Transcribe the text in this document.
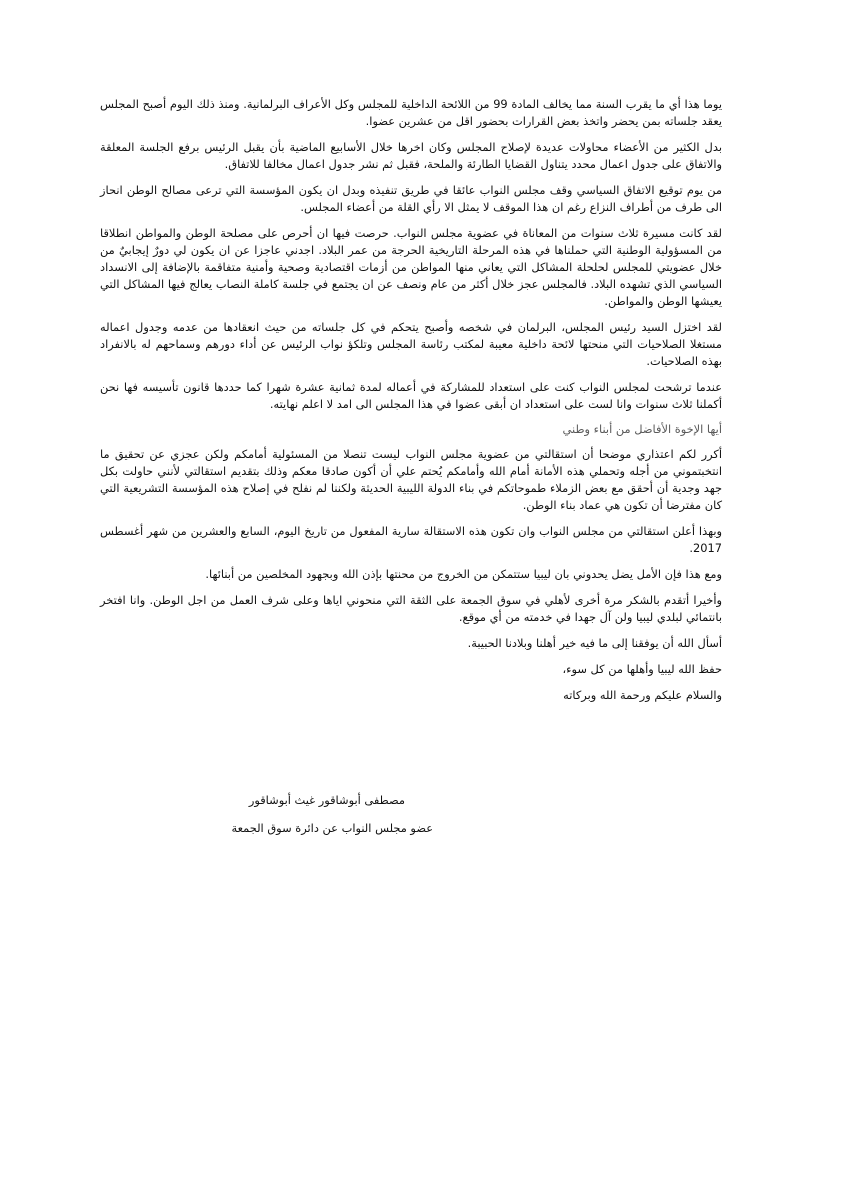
يوما هذا أي ما يقرب السنة مما يخالف المادة 99 من اللائحة الداخلية للمجلس وكل الأعراف البرلمانية. ومنذ ذلك اليوم أصبح المجلس يعقد جلساته بمن يحضر واتخذ بعض القرارات بحضور اقل من عشرين عضوا.

بدل الكثير من الأعضاء محاولات عديدة لإصلاح المجلس وكان اخرها خلال الأسابيع الماضية بأن يقبل الرئيس برفع الجلسة المعلقة والاتفاق على جدول اعمال محدد يتناول القضايا الطارئة والملحة، فقبل ثم نشر جدول اعمال مخالفا للاتفاق.

من يوم توقيع الاتفاق السياسي وقف مجلس النواب عائقا في طريق تنفيذه وبدل ان يكون المؤسسة التي ترعى مصالح الوطن انحاز الى طرف من أطراف النزاع رغم ان هذا الموقف لا يمثل الا رأي القلة من أعضاء المجلس.

لقد كانت مسيرة ثلاث سنوات من المعاناة في عضوية مجلس النواب. حرصت فيها ان أحرص على مصلحة الوطن والمواطن انطلاقا من المسؤولية الوطنية التي حملناها في هذه المرحلة التاريخية الحرجة من عمر البلاد. اجدني عاجزا عن ان يكون لي دورٌ إيجابيٌ من خلال عضويتي للمجلس لحلحلة المشاكل التي يعاني منها المواطن من أزمات اقتصادية وصحية وأمنية متفاقمة بالإضافة إلى الانسداد السياسي الذي تشهده البلاد. فالمجلس عجز خلال أكثر من عام ونصف عن ان يجتمع في جلسة كاملة النصاب يعالج فيها المشاكل التي يعيشها الوطن والمواطن.

لقد اختزل السيد رئيس المجلس، البرلمان في شخصه وأصبح يتحكم في كل جلساته من حيث انعقادها من عدمه وجدول اعماله مستغلا الصلاحيات التي منحتها لائحة داخلية معيبة لمكتب رئاسة المجلس وتلكؤ نواب الرئيس عن أداء دورهم وسماحهم له بالانفراد بهذه الصلاحيات.

عندما ترشحت لمجلس النواب كنت على استعداد للمشاركة في أعماله لمدة ثمانية عشرة شهرا كما حددها قانون تأسيسه فها نحن أكملنا ثلاث سنوات وانا لست على استعداد ان أبقى عضوا في هذا المجلس الى امد لا اعلم نهايته.

أيها الإخوة الأفاضل من أبناء وطني

أكرر لكم اعتذاري موضحا أن استقالتي من عضوية مجلس النواب ليست تنصلا من المسئولية أمامكم ولكن عجزي عن تحقيق ما انتخبتموني من أجله وتحملي هذه الأمانة أمام الله وأمامكم يُحتم علي أن أكون صادقا معكم وذلك بتقديم استقالتي لأنني حاولت بكل جهد وجدية أن أحقق مع بعض الزملاء طموحاتكم في بناء الدولة الليبية الحديثة ولكننا لم نفلح في إصلاح هذه المؤسسة التشريعية التي كان مفترضا أن تكون هي عماد بناء الوطن.

وبهذا أعلن استقالتي من مجلس النواب وان تكون هذه الاستقالة سارية المفعول من تاريخ اليوم، السابع والعشرين من شهر أغسطس 2017.

ومع هذا فإن الأمل يضل يحدوني بان ليبيا ستتمكن من الخروج من محنتها بإذن الله وبجهود المخلصين من أبنائها.

وأخيرا أتقدم بالشكر مرة أخرى لأهلي في سوق الجمعة على الثقة التي منحوني اياها وعلى شرف العمل من اجل الوطن. وانا افتخر بانتمائي لبلدي ليبيا ولن آل جهدا في خدمته من أي موقع.

أسأل الله أن يوفقنا إلى ما فيه خير أهلنا وبلادنا الحبيبة.

حفظ الله ليبيا وأهلها من كل سوء،

والسلام عليكم ورحمة الله وبركاته

مصطفى أبوشاقور غيث أبوشاقور
عضو مجلس النواب عن دائرة سوق الجمعة
